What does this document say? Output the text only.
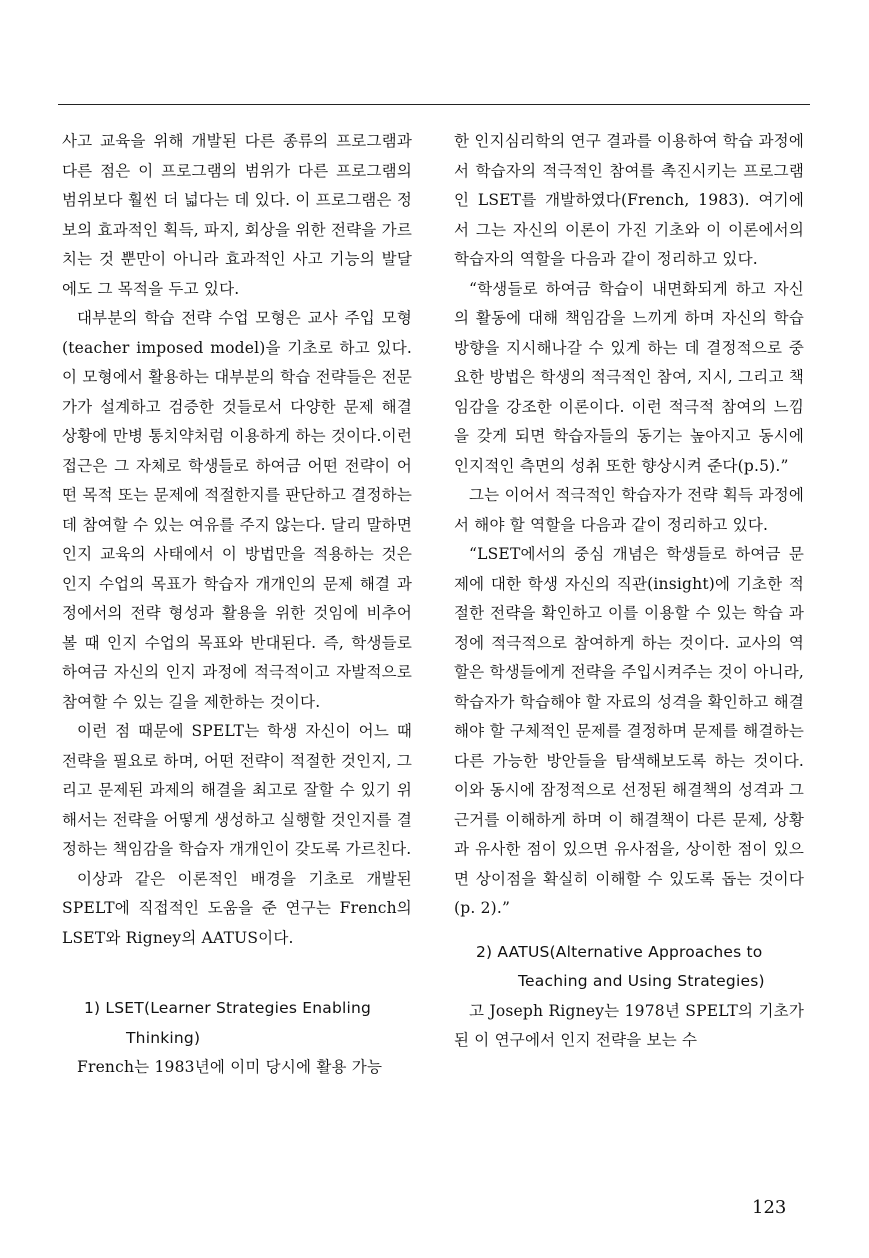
사고 교육을 위해 개발된 다른 종류의 프로그램과 다른 점은 이 프로그램의 범위가 다른 프로그램의 범위보다 훨씬 더 넓다는 데 있다. 이 프로그램은 정보의 효과적인 획득, 파지, 회상을 위한 전략을 가르치는 것 뿐만이 아니라 효과적인 사고 기능의 발달에도 그 목적을 두고 있다.

대부분의 학습 전략 수업 모형은 교사 주입 모형(teacher imposed model)을 기초로 하고 있다. 이 모형에서 활용하는 대부분의 학습 전략들은 전문가가 설계하고 검증한 것들로서 다양한 문제 해결 상황에 만병 통치약처럼 이용하게 하는 것이다.이런 접근은 그 자체로 학생들로 하여금 어떤 전략이 어떤 목적 또는 문제에 적절한지를 판단하고 결정하는 데 참여할 수 있는 여유를 주지 않는다. 달리 말하면 인지 교육의 사태에서 이 방법만을 적용하는 것은 인지 수업의 목표가 학습자 개개인의 문제 해결 과정에서의 전략 형성과 활용을 위한 것임에 비추어 볼 때 인지 수업의 목표와 반대된다. 즉, 학생들로 하여금 자신의 인지 과정에 적극적이고 자발적으로 참여할 수 있는 길을 제한하는 것이다.

이런 점 때문에 SPELT는 학생 자신이 어느 때 전략을 필요로 하며, 어떤 전략이 적절한 것인지, 그리고 문제된 과제의 해결을 최고로 잘할 수 있기 위해서는 전략을 어떻게 생성하고 실행할 것인지를 결정하는 책임감을 학습자 개개인이 갖도록 가르친다.

이상과 같은 이론적인 배경을 기초로 개발된 SPELT에 직접적인 도움을 준 연구는 French의 LSET와 Rigney의 AATUS이다.

1) LSET(Learner Strategies Enabling

Thinking)

French는 1983년에 이미 당시에 활용 가능

한 인지심리학의 연구 결과를 이용하여 학습 과정에서 학습자의 적극적인 참여를 촉진시키는 프로그램인 LSET를 개발하였다(French, 1983). 여기에서 그는 자신의 이론이 가진 기초와 이 이론에서의 학습자의 역할을 다음과 같이 정리하고 있다.

“학생들로 하여금 학습이 내면화되게 하고 자신의 활동에 대해 책임감을 느끼게 하며 자신의 학습 방향을 지시해나갈 수 있게 하는 데 결정적으로 중요한 방법은 학생의 적극적인 참여, 지시, 그리고 책임감을 강조한 이론이다. 이런 적극적 참여의 느낌을 갖게 되면 학습자들의 동기는 높아지고 동시에 인지적인 측면의 성취 또한 향상시켜 준다(p.5).”

그는 이어서 적극적인 학습자가 전략 획득 과정에서 해야 할 역할을 다음과 같이 정리하고 있다.

“LSET에서의 중심 개념은 학생들로 하여금 문제에 대한 학생 자신의 직관(insight)에 기초한 적절한 전략을 확인하고 이를 이용할 수 있는 학습 과정에 적극적으로 참여하게 하는 것이다. 교사의 역할은 학생들에게 전략을 주입시켜주는 것이 아니라, 학습자가 학습해야 할 자료의 성격을 확인하고 해결해야 할 구체적인 문제를 결정하며 문제를 해결하는 다른 가능한 방안들을 탐색해보도록 하는 것이다. 이와 동시에 잠정적으로 선정된 해결책의 성격과 그 근거를 이해하게 하며 이 해결책이 다른 문제, 상황과 유사한 점이 있으면 유사점을, 상이한 점이 있으면 상이점을 확실히 이해할 수 있도록 돕는 것이다(p. 2).”

2) AATUS(Alternative Approaches to

Teaching and Using Strategies)

고 Joseph Rigney는 1978년 SPELT의 기초가 된 이 연구에서 인지 전략을 보는 수

123
